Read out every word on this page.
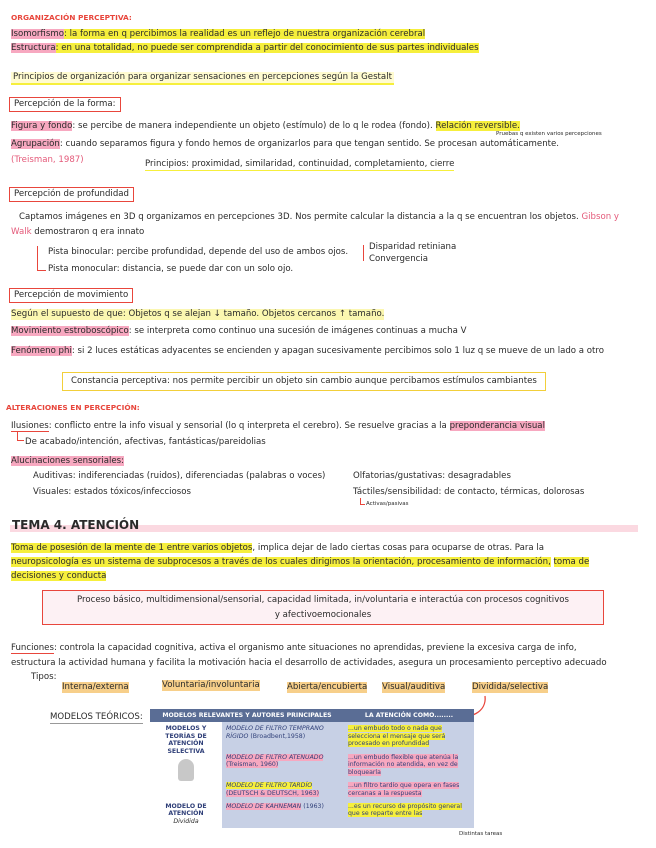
ORGANIZACIÓN PERCEPTIVA:
Isomorfismo: la forma en q percibimos la realidad es un reflejo de nuestra organización cerebral
Estructura: en una totalidad, no puede ser comprendida a partir del conocimiento de sus partes individuales
Principios de organización para organizar sensaciones en percepciones según la Gestalt
Percepción de la forma:
Figura y fondo: se percibe de manera independiente un objeto (estímulo) de lo q le rodea (fondo). Relación reversible.
Pruebas q existen varios percepciones
Agrupación: cuando separamos figura y fondo hemos de organizarlos para que tengan sentido. Se procesan automáticamente.
(Treisman, 1987)	Principios: proximidad, similaridad, continuidad, completamiento, cierre
Percepción de profundidad
Captamos imágenes en 3D q organizamos en percepciones 3D. Nos permite calcular la distancia a la q se encuentran los objetos. Gibson y
Walk demostraron q era innato
Pista binocular: percibe profundidad, depende del uso de ambos ojos. Disparidad retiniana
Convergencia
Pista monocular: distancia, se puede dar con un solo ojo.
Percepción de movimiento
Según el supuesto de que: Objetos q se alejan ↓ tamaño. Objetos cercanos ↑ tamaño.
Movimiento estroboscópico: se interpreta como continuo una sucesión de imágenes continuas a mucha V
Fenómeno phi: si 2 luces estáticas adyacentes se encienden y apagan sucesivamente percibimos solo 1 luz q se mueve de un lado a otro
Constancia perceptiva: nos permite percibir un objeto sin cambio aunque percibamos estímulos cambiantes
ALTERACIONES EN PERCEPCIÓN:
Ilusiones: conflicto entre la info visual y sensorial (lo q interpreta el cerebro). Se resuelve gracias a la preponderancia visual
De acabado/intención, afectivas, fantásticas/pareidolias
Alucinaciones sensoriales:
Auditivas: indiferenciadas (ruidos), diferenciadas (palabras o voces)	Olfatorias/gustativas: desagradables
Visuales: estados tóxicos/infecciosos	Táctiles/sensibilidad: de contacto, térmicas, dolorosas
Activas/pasivas
TEMA 4. ATENCIÓN
Toma de posesión de la mente de 1 entre varios objetos, implica dejar de lado ciertas cosas para ocuparse de otras. Para la
neuropsicología es un sistema de subprocesos a través de los cuales dirigimos la orientación, procesamiento de información, toma de
decisiones y conducta
Proceso básico, multidimensional/sensorial, capacidad limitada, in/voluntaria e interactúa con procesos cognitivos
y afectivoemocionales
Funciones: controla la capacidad cognitiva, activa el organismo ante situaciones no aprendidas, previene la excesiva carga de info,
estructura la actividad humana y facilita la motivación hacia el desarrollo de actividades, asegura un procesamiento perceptivo adecuado
Tipos:
Interna/externa	Voluntaria/involuntaria	Abierta/encubierta Visual/auditiva	Dividida/selectiva
MODELOS TEÓRICOS:	MODELOS RELEVANTES Y AUTORES PRINCIPALES		LA ATENCIÓN COMO........

MODELOS Y TEORÍAS DE ATENCIÓN SELECTIVA	MODELO DE FILTRO TEMPRANO RÍGIDO (Broadbent,1958)	...un embudo todo o nada que selecciona el mensaje que será procesado en profundidad
	MODELO DE FILTRO ATENUADO (Treisman, 1960)	...un embudo flexible que atenúa la información no atendida, en vez de bloquearla
	MODELO DE FILTRO TARDÍO (DEUTSCH & DEUTSCH, 1963)	...un filtro tardío que opera en fases cercanas a la respuesta

MODELO DE ATENCIÓN
Dividida	MODELO DE KAHNEMAN (1963)	...es un recurso de propósito general que se reparte entre las
Distintas tareas
